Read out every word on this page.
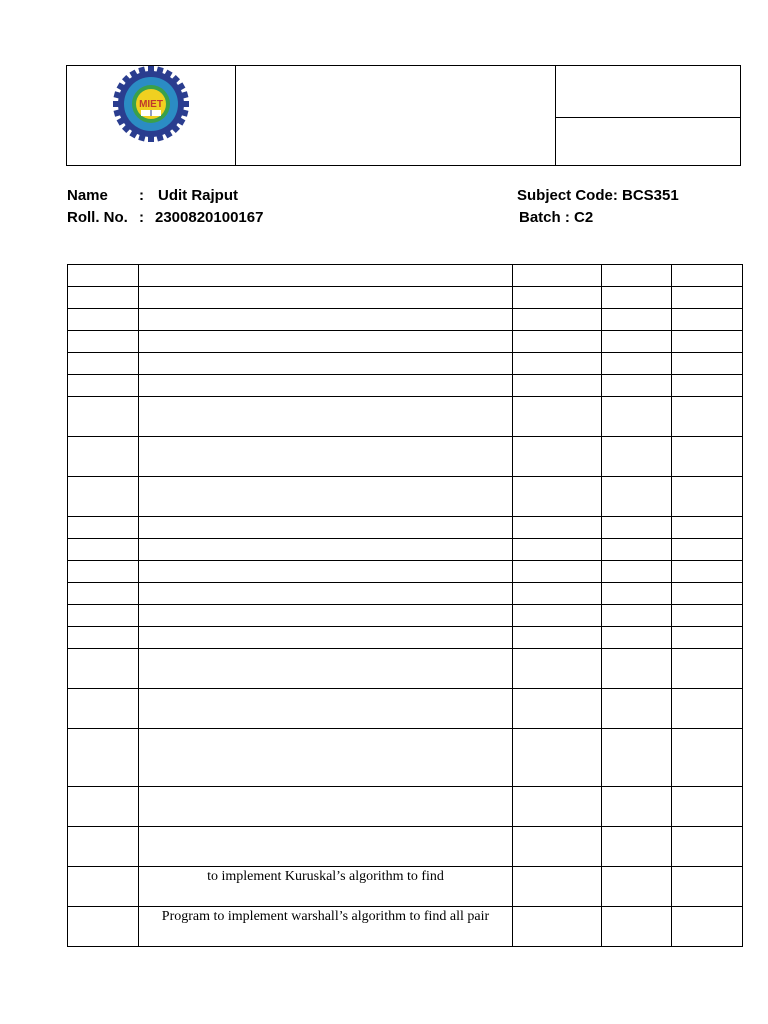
MIET
Name : Udit Rajput
Roll. No. : 2300820100167
Subject Code: BCS351
Batch : C2

	to implement Kuruskal’s algorithm to find			
	Program to implement warshall’s algorithm to find all pair			
